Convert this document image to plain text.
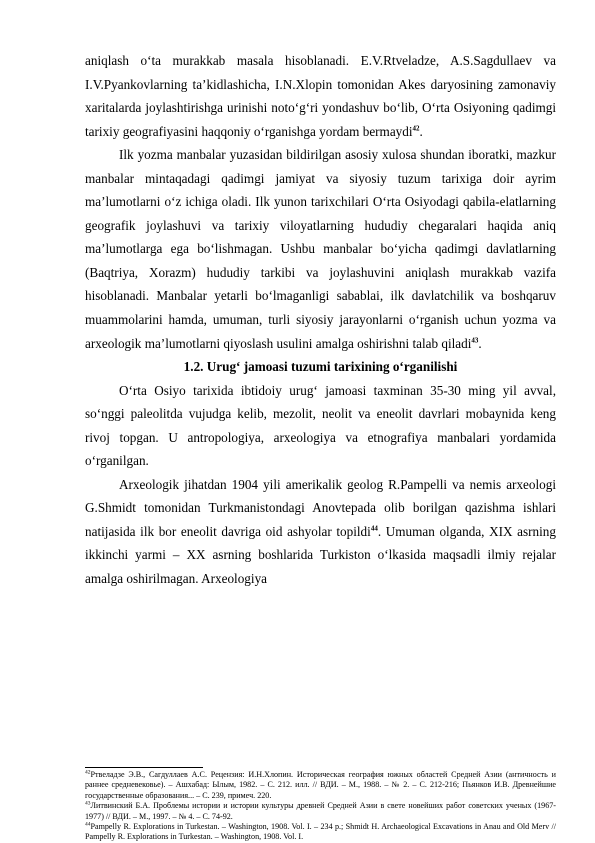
aniqlash o‘ta murakkab masala hisoblanadi. E.V.Rtveladze, A.S.Sagdullaev va I.V.Pyankovlarning ta’kidlashicha, I.N.Xlopin tomonidan Akes daryosining zamonaviy xaritalarda joylashtirishga urinishi noto‘g‘ri yondashuv bo‘lib, O‘rta Osiyoning qadimgi tarixiy geografiyasini haqqoniy o‘rganishga yordam bermaydi$^{42}$.

Ilk yozma manbalar yuzasidan bildirilgan asosiy xulosa shundan iboratki, mazkur manbalar mintaqadagi qadimgi jamiyat va siyosiy tuzum tarixiga doir ayrim ma’lumotlarni o‘z ichiga oladi. Ilk yunon tarixchilari O‘rta Osiyodagi qabila-elatlarning geografik joylashuvi va tarixiy viloyatlarning hududiy chegaralari haqida aniq ma’lumotlarga ega bo‘lishmagan. Ushbu manbalar bo‘yicha qadimgi davlatlarning (Baqtriya, Xorazm) hududiy tarkibi va joylashuvini aniqlash murakkab vazifa hisoblanadi. Manbalar yetarli bo‘lmaganligi sabablai, ilk davlatchilik va boshqaruv muammolarini hamda, umuman, turli siyosiy jarayonlarni o‘rganish uchun yozma va arxeologik ma’lumotlarni qiyoslash usulini amalga oshirishni talab qiladi$^{43}$.

1.2. Urug‘ jamoasi tuzumi tarixining o‘rganilishi

O‘rta Osiyo tarixida ibtidoiy urug‘ jamoasi taxminan 35-30 ming yil avval, so‘nggi paleolitda vujudga kelib, mezolit, neolit va eneolit davrlari mobaynida keng rivoj topgan. U antropologiya, arxeologiya va etnografiya manbalari yordamida o‘rganilgan.

Arxeologik jihatdan 1904 yili amerikalik geolog R.Pampelli va nemis arxeologi G.Shmidt tomonidan Turkmanistondagi Anovtepada olib borilgan qazishma ishlari natijasida ilk bor eneolit davriga oid ashyolar topildi$^{44}$. Umuman olganda, XIX asrning ikkinchi yarmi – XX asrning boshlarida Turkiston o‘lkasida maqsadli ilmiy rejalar amalga oshirilmagan. Arxeologiya

$^{42}$Ртвеладзе Э.В., Сагдуллаев А.С. Рецензия: И.Н.Хлопин. Историческая география южных областей Средней Азии (античность и раннее средневековье). – Ашхабад: Ылым, 1982. – С. 212. илл. // ВДИ. – М., 1988. – № 2. – С. 212-216; Пьянков И.В. Древнейшие государственные образования... – С. 239, примеч. 220.

$^{43}$Литвинский Б.А. Проблемы истории и истории культуры древней Средней Азии в свете новейших работ советских ученых (1967-1977) // ВДИ. – М., 1997. – № 4. – С. 74-92.

$^{44}$Pampelly R. Explorations in Turkestan. – Washington, 1908. Vol. I. – 234 p.; Shmidt H. Archaeological Excavations in Anau and Old Merv // Pampelly R. Explorations in Turkestan. – Washington, 1908. Vol. I.
